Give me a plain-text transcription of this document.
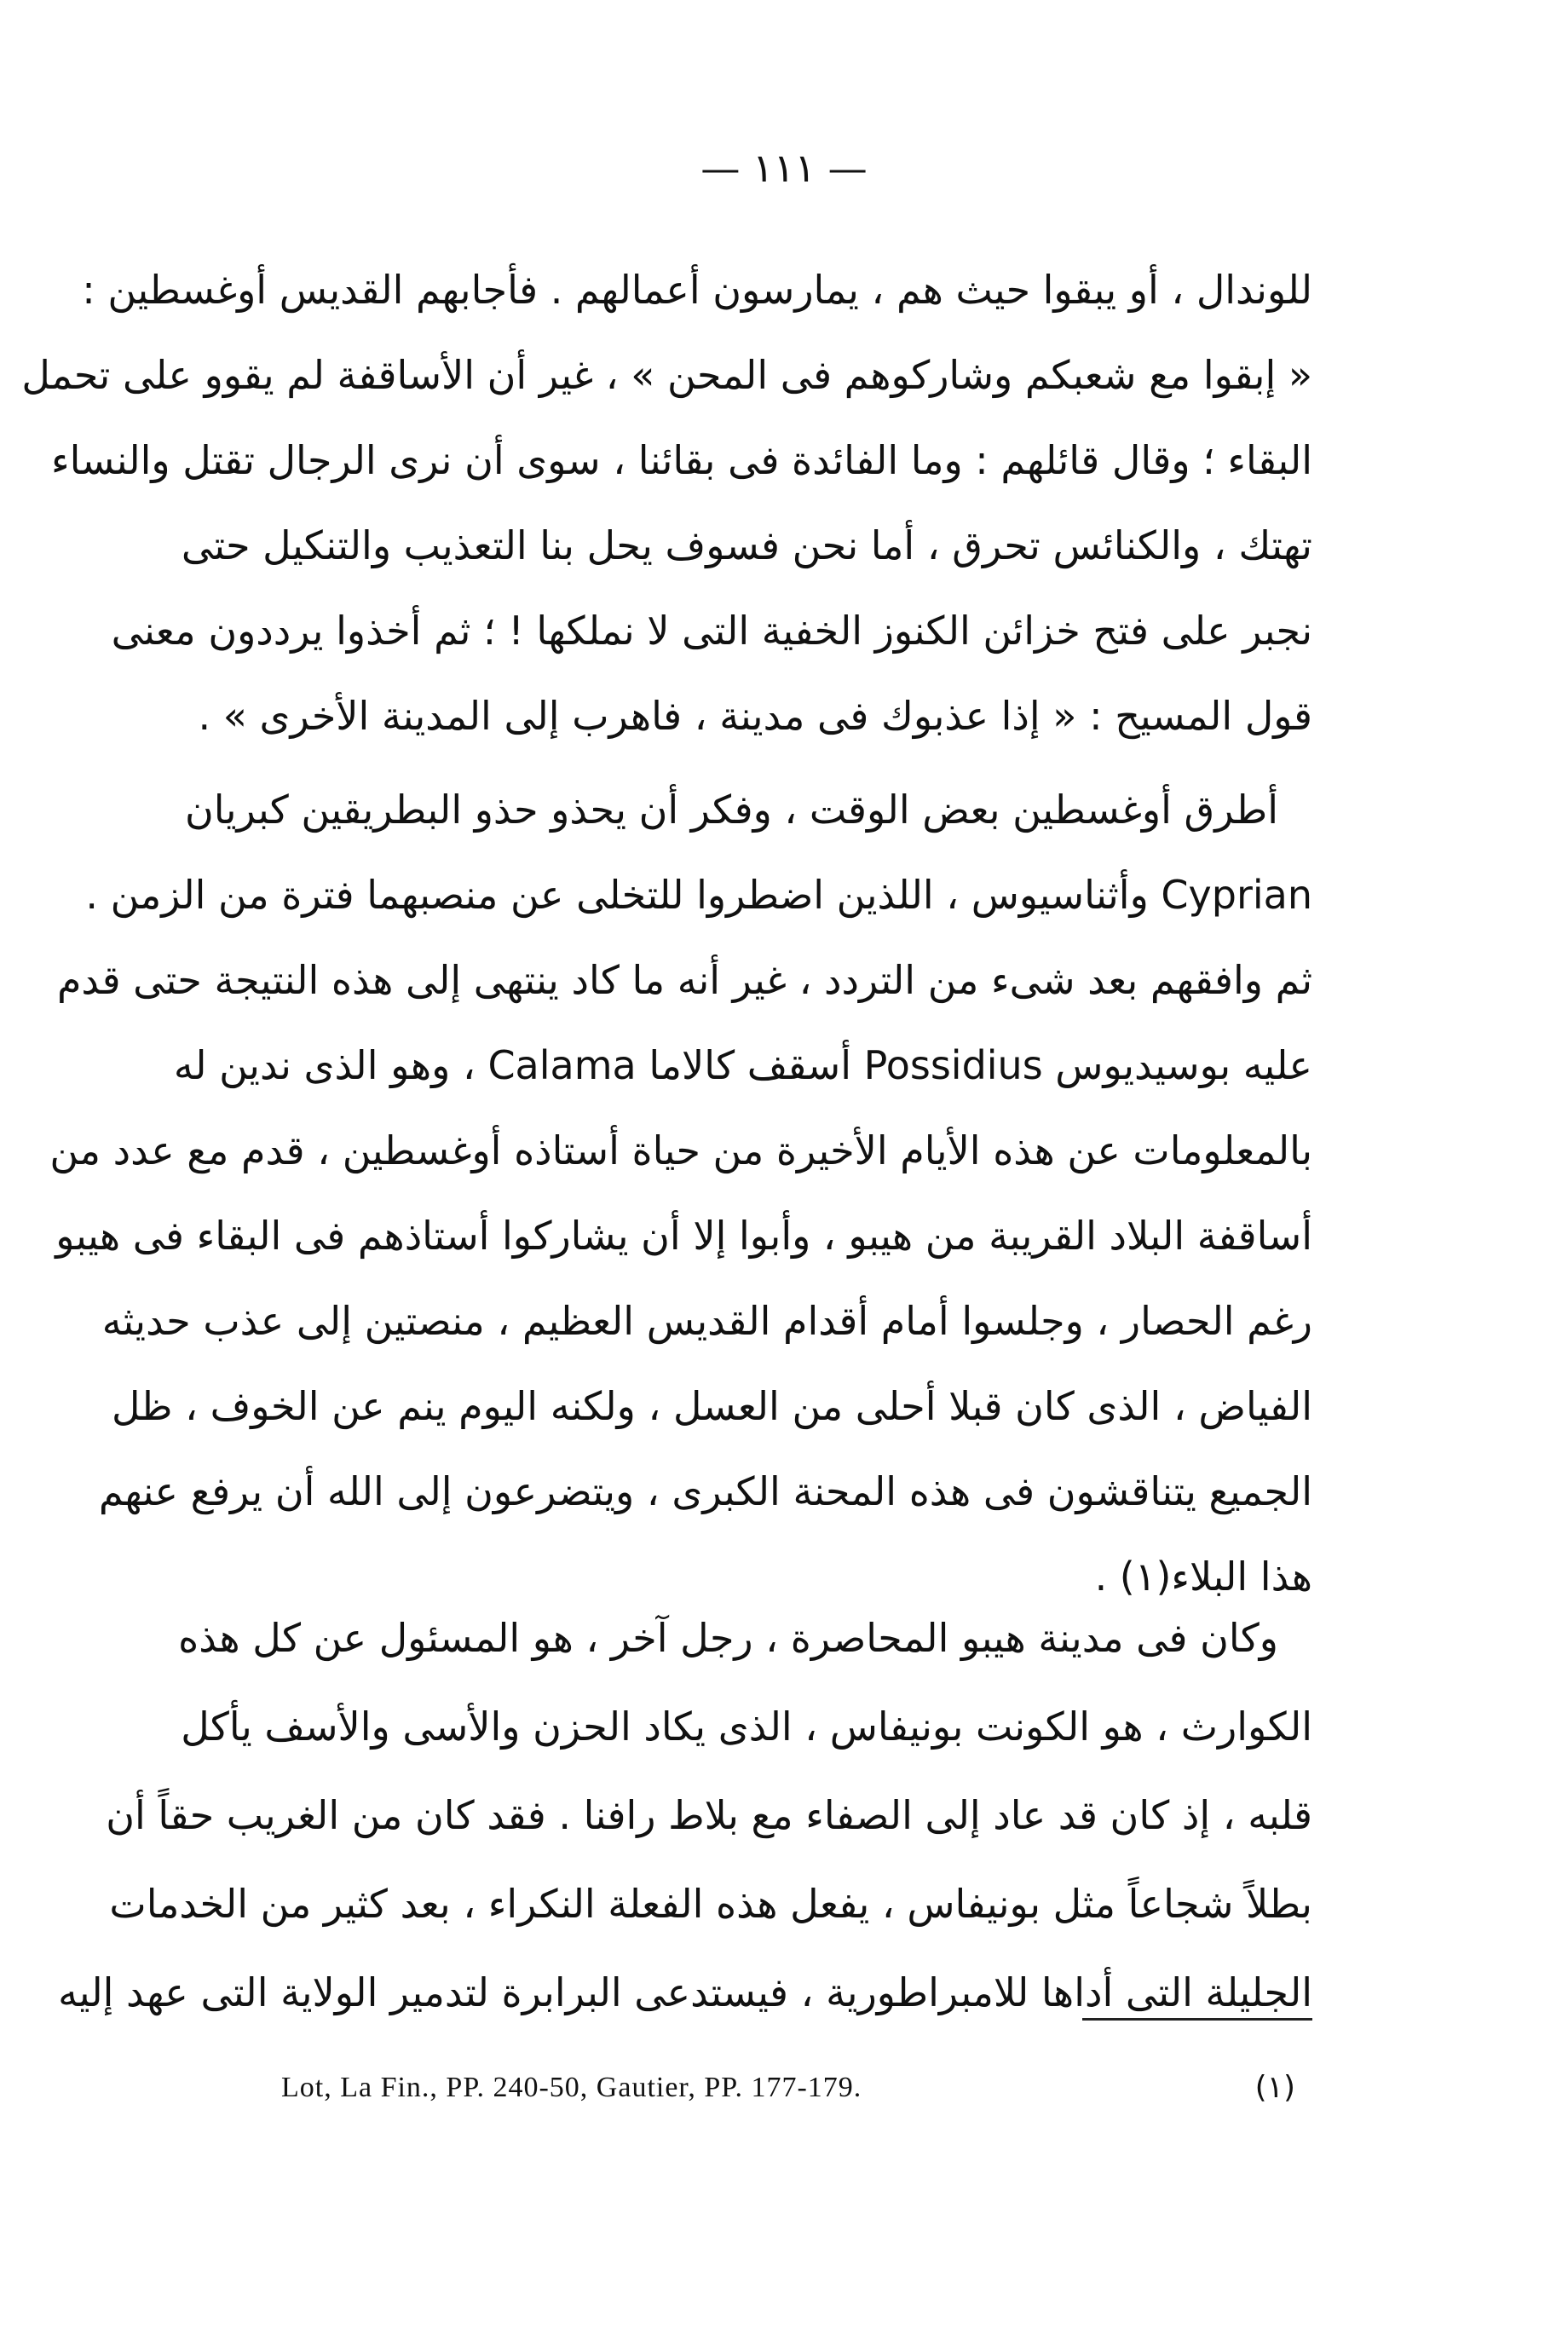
— ١١١ —
للوندال ، أو يبقوا حيث هم ، يمارسون أعمالهم . فأجابهم القديس أوغسطين :
« إبقوا مع شعبكم وشاركوهم فى المحن » ، غير أن الأساقفة لم يقوو على تحمل
البقاء ؛ وقال قائلهم : وما الفائدة فى بقائنا ، سوى أن نرى الرجال تقتل والنساء
تهتك ، والكنائس تحرق ، أما نحن فسوف يحل بنا التعذيب والتنكيل حتى
نجبر على فتح خزائن الكنوز الخفية التى لا نملكها ! ؛ ثم أخذوا يرددون معنى
قول المسيح : « إذا عذبوك فى مدينة ، فاهرب إلى المدينة الأخرى » .
أطرق أوغسطين بعض الوقت ، وفكر أن يحذو حذو البطريقين كبريان
Cyprian وأثناسيوس ، اللذين اضطروا للتخلى عن منصبهما فترة من الزمن .
ثم وافقهم بعد شىء من التردد ، غير أنه ما كاد ينتهى إلى هذه النتيجة حتى قدم
عليه بوسيديوس Possidius أسقف كالاما Calama ، وهو الذى ندين له
بالمعلومات عن هذه الأيام الأخيرة من حياة أستاذه أوغسطين ، قدم مع عدد من
أساقفة البلاد القريبة من هيبو ، وأبوا إلا أن يشاركوا أستاذهم فى البقاء فى هيبو
رغم الحصار ، وجلسوا أمام أقدام القديس العظيم ، منصتين إلى عذب حديثه
الفياض ، الذى كان قبلا أحلى من العسل ، ولكنه اليوم ينم عن الخوف ، ظل
الجميع يتناقشون فى هذه المحنة الكبرى ، ويتضرعون إلى الله أن يرفع عنهم
هذا البلاء(١) .
وكان فى مدينة هيبو المحاصرة ، رجل آخر ، هو المسئول عن كل هذه
الكوارث ، هو الكونت بونيفاس ، الذى يكاد الحزن والأسى والأسف يأكل
قلبه ، إذ كان قد عاد إلى الصفاء مع بلاط رافنا . فقد كان من الغريب حقاً أن
بطلاً شجاعاً مثل بونيفاس ، يفعل هذه الفعلة النكراء ، بعد كثير من الخدمات
الجليلة التى أداها للامبراطورية ، فيستدعى البرابرة لتدمير الولاية التى عهد إليه
Lot, La Fin., PP. 240-50, Gautier, PP. 177-179.	(١)
